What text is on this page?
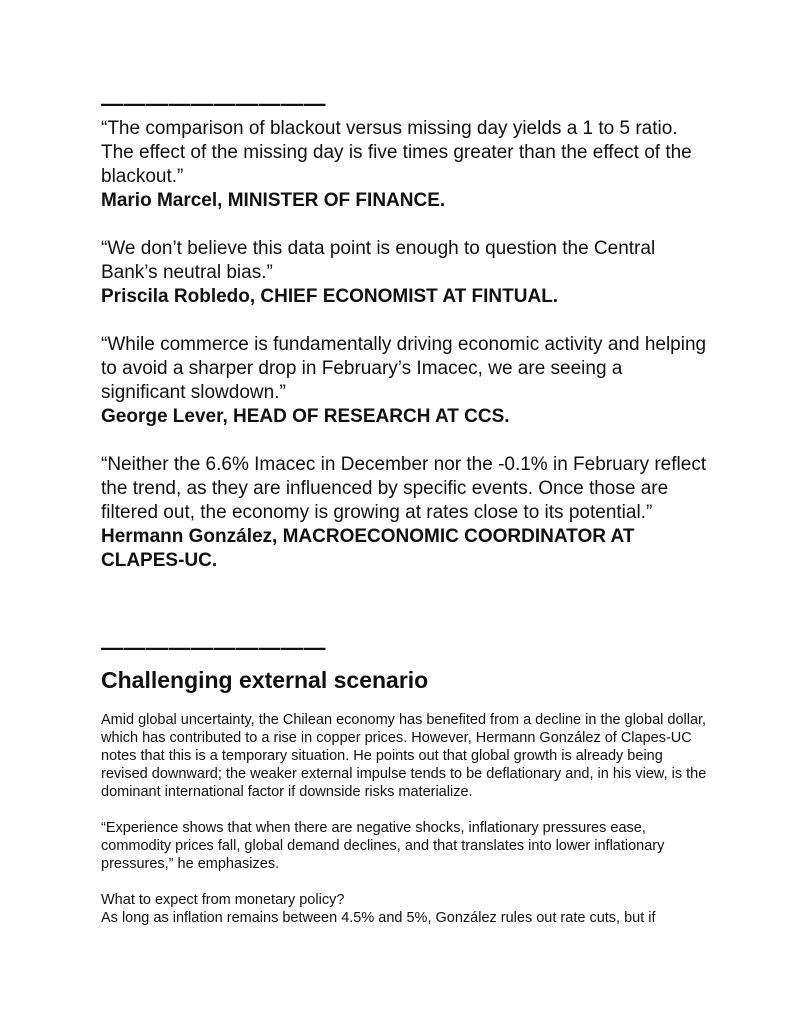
——————————

“The comparison of blackout versus missing day yields a 1 to 5 ratio. The effect of the missing day is five times greater than the effect of the blackout.”

Mario Marcel, MINISTER OF FINANCE.

“We don’t believe this data point is enough to question the Central Bank’s neutral bias.”

Priscila Robledo, CHIEF ECONOMIST AT FINTUAL.

“While commerce is fundamentally driving economic activity and helping to avoid a sharper drop in February’s Imacec, we are seeing a significant slowdown.”

George Lever, HEAD OF RESEARCH AT CCS.

“Neither the 6.6% Imacec in December nor the -0.1% in February reflect the trend, as they are influenced by specific events. Once those are filtered out, the economy is growing at rates close to its potential.”

Hermann González, MACROECONOMIC COORDINATOR AT CLAPES-UC.

——————————
Challenging external scenario

Amid global uncertainty, the Chilean economy has benefited from a decline in the global dollar, which has contributed to a rise in copper prices. However, Hermann González of Clapes-UC notes that this is a temporary situation. He points out that global growth is already being revised downward; the weaker external impulse tends to be deflationary and, in his view, is the dominant international factor if downside risks materialize.

“Experience shows that when there are negative shocks, inflationary pressures ease, commodity prices fall, global demand declines, and that translates into lower inflationary pressures,” he emphasizes.

What to expect from monetary policy?

As long as inflation remains between 4.5% and 5%, González rules out rate cuts, but if
